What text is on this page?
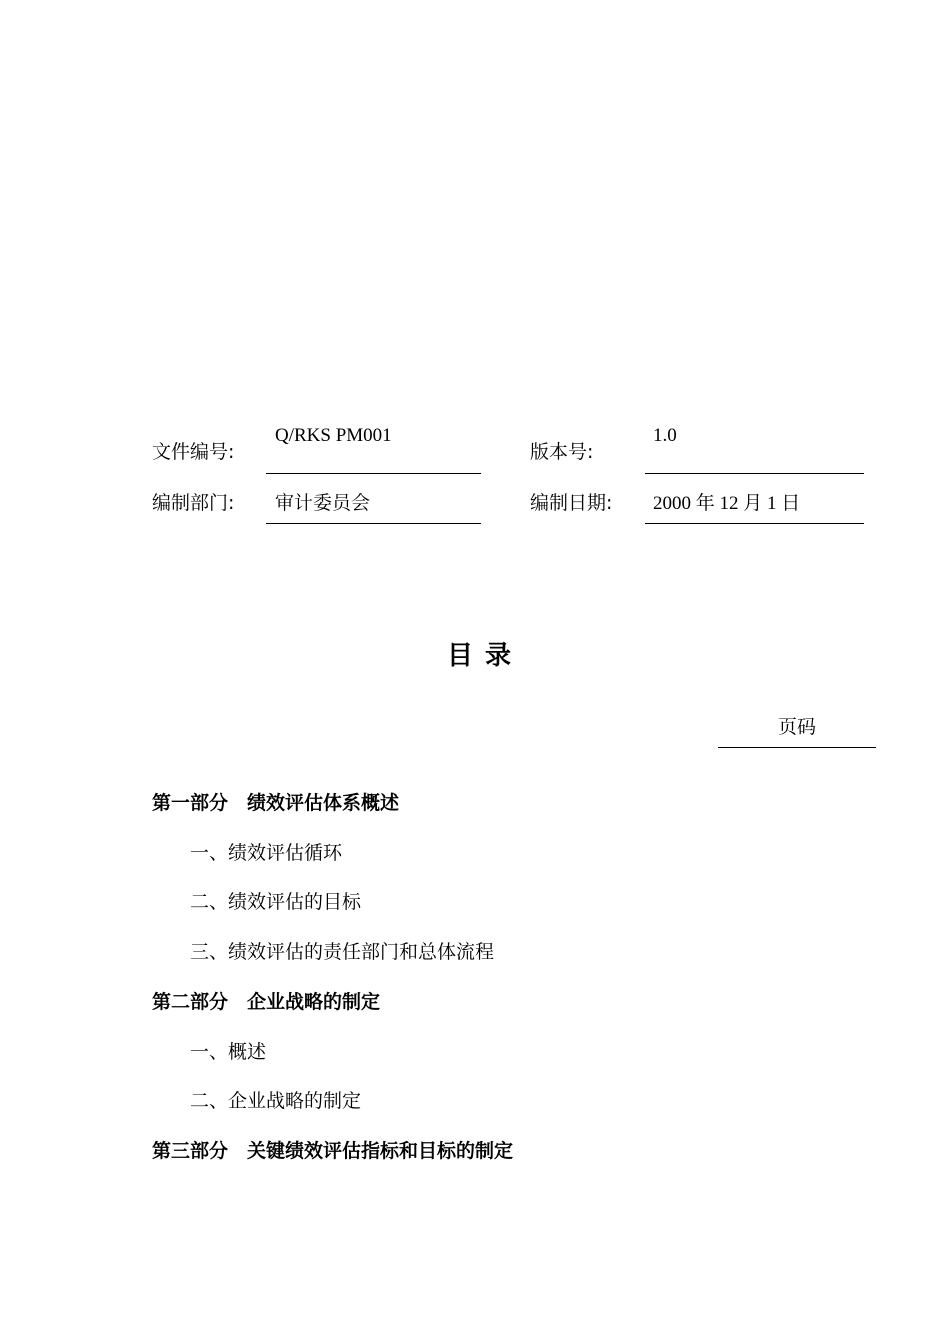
文件编号:
Q/RKS PM001
版本号:
1.0
编制部门: 审计委员会	编制日期: 2000 年 12 月 1 日
目录
页码
第一部分　绩效评估体系概述
一、绩效评估循环
二、绩效评估的目标
三、绩效评估的责任部门和总体流程
第二部分　企业战略的制定
一、概述
二、企业战略的制定
第三部分　关键绩效评估指标和目标的制定
